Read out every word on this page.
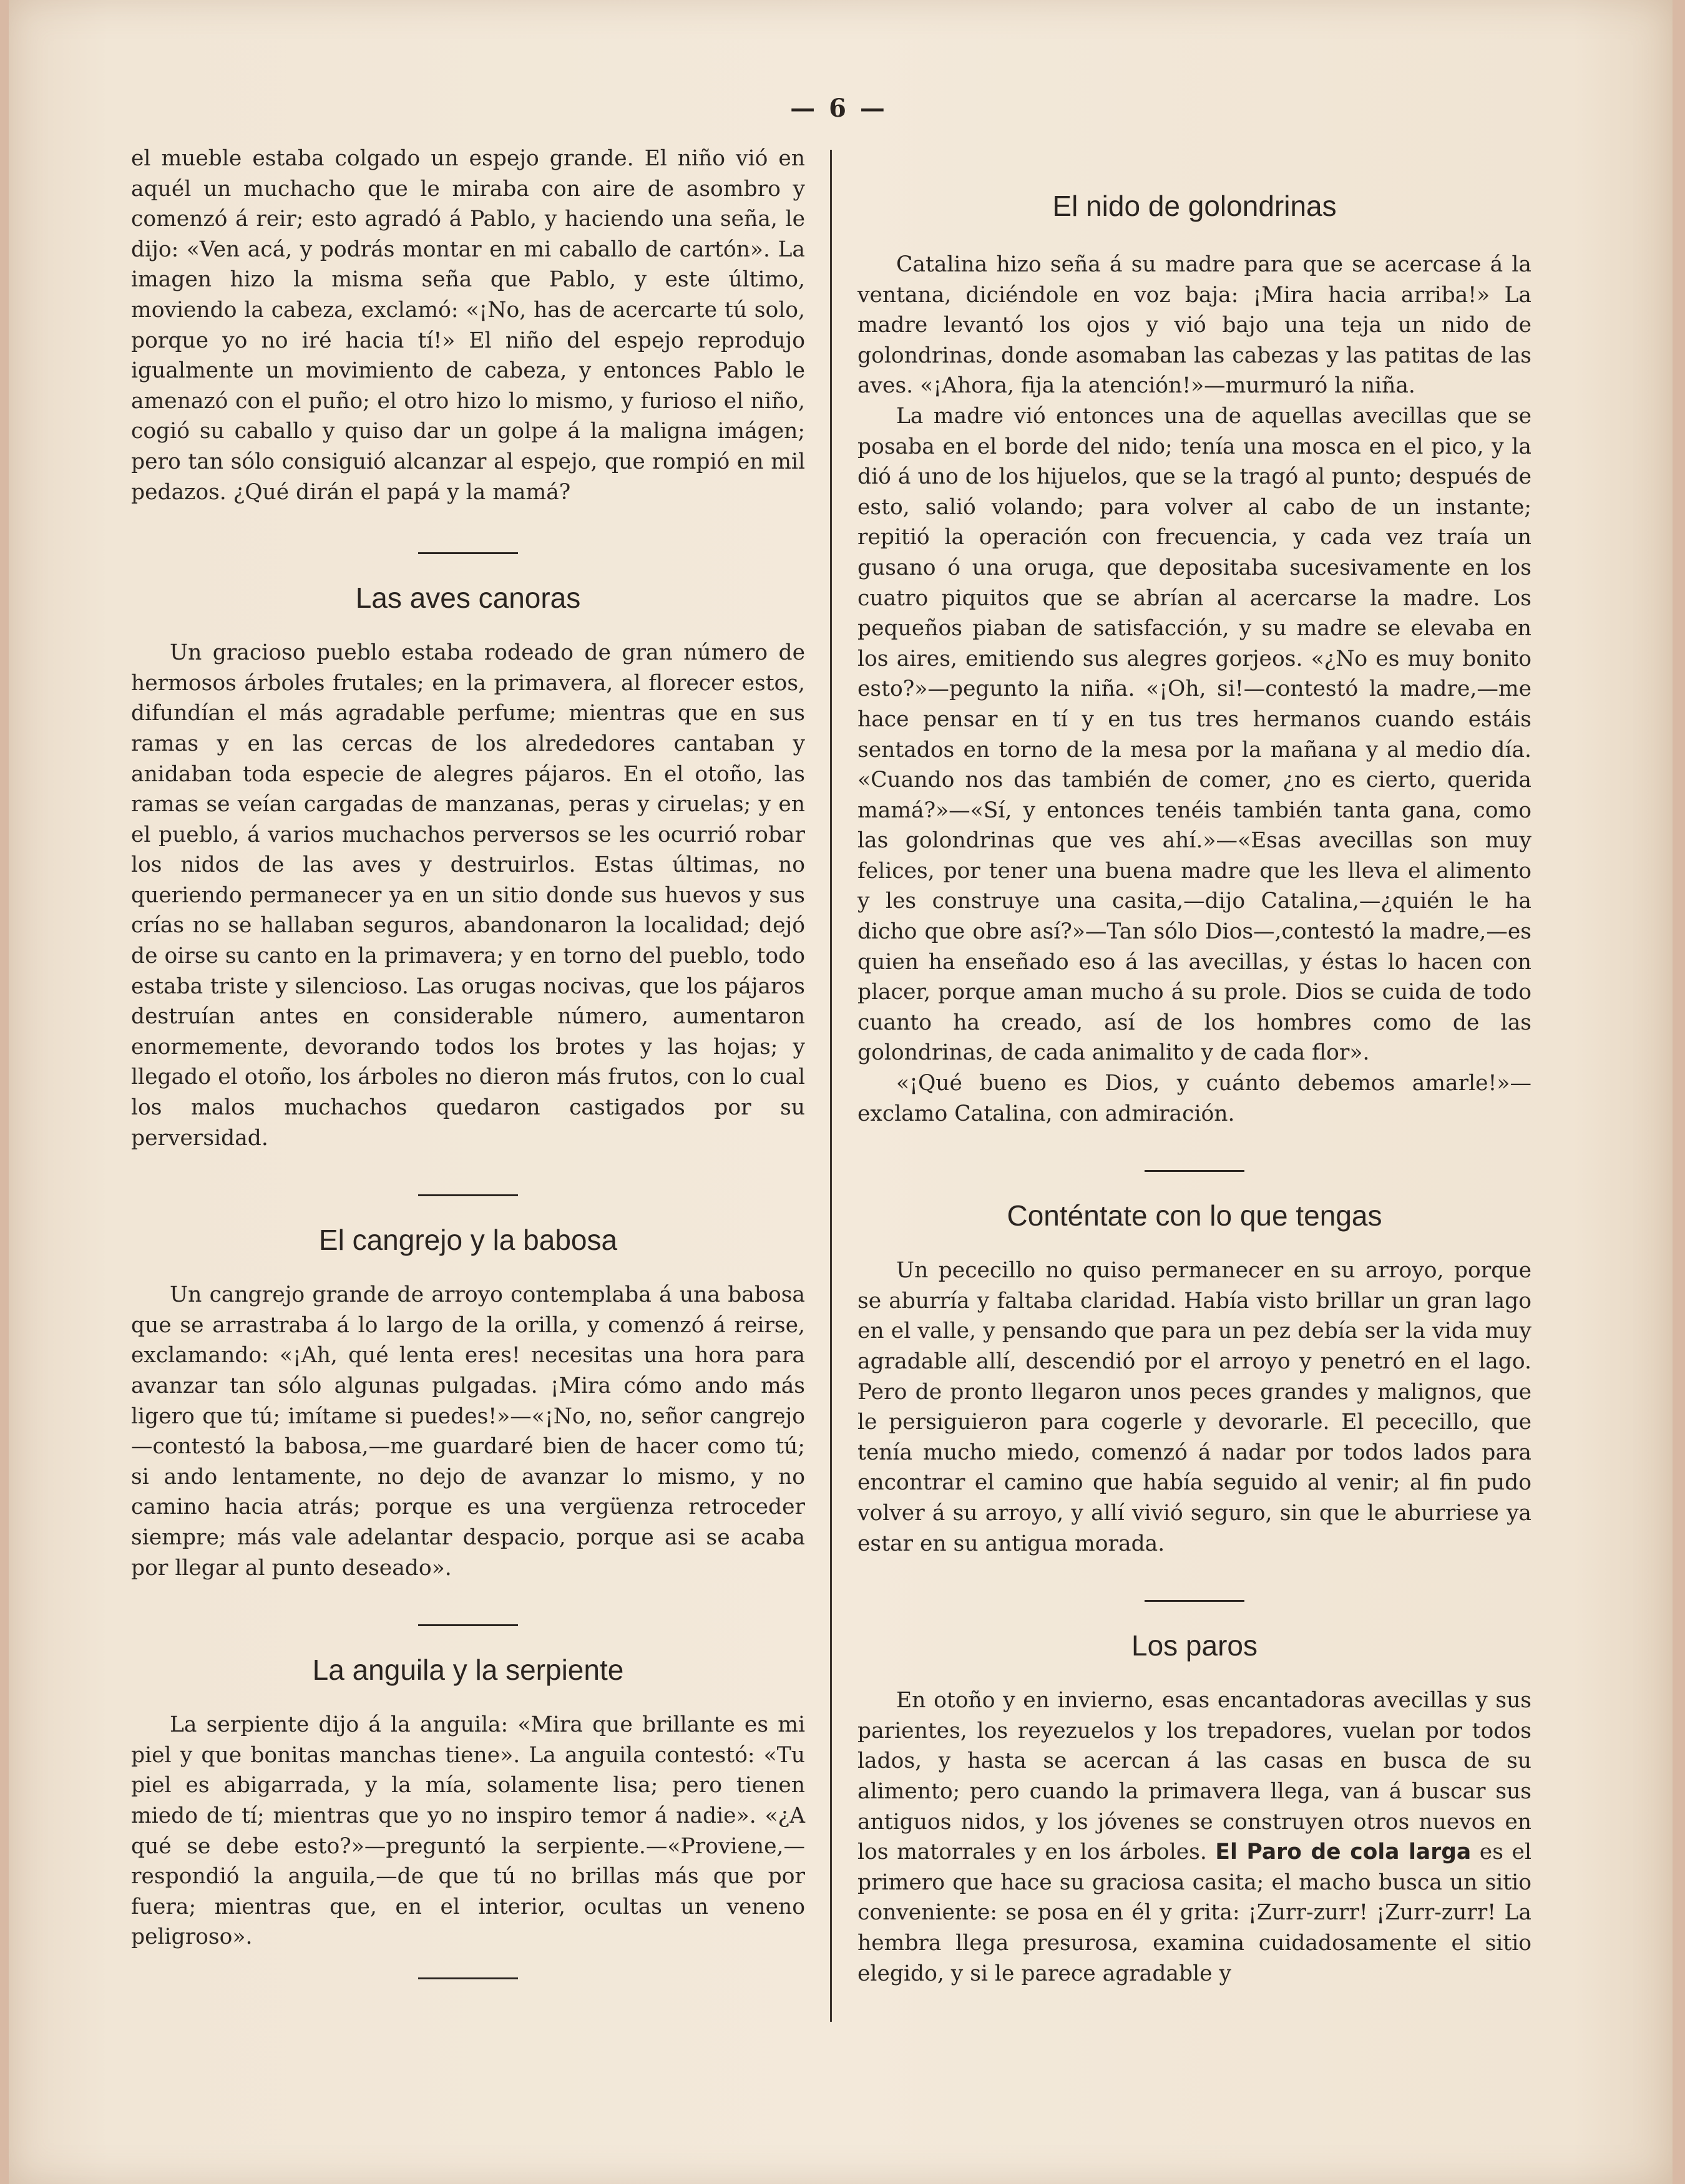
— 6 —

el mueble estaba colgado un espejo grande. El niño vió en aquél un muchacho que le miraba con aire de asombro y comenzó á reir; esto agradó á Pablo, y haciendo una seña, le dijo: «Ven acá, y podrás montar en mi caballo de cartón». La imagen hizo la misma seña que Pablo, y este último, moviendo la cabeza, exclamó: «¡No, has de acercarte tú solo, porque yo no iré hacia tí!» El niño del espejo reprodujo igualmente un movimiento de cabeza, y entonces Pablo le amenazó con el puño; el otro hizo lo mismo, y furioso el niño, cogió su caballo y quiso dar un golpe á la maligna imágen; pero tan sólo consiguió alcanzar al espejo, que rompió en mil pedazos. ¿Qué dirán el papá y la mamá?

Las aves canoras

Un gracioso pueblo estaba rodeado de gran número de hermosos árboles frutales; en la primavera, al florecer estos, difundían el más agradable perfume; mientras que en sus ramas y en las cercas de los alrededores cantaban y anidaban toda especie de alegres pájaros. En el otoño, las ramas se veían cargadas de manzanas, peras y ciruelas; y en el pueblo, á varios muchachos perversos se les ocurrió robar los nidos de las aves y destruirlos. Estas últimas, no queriendo permanecer ya en un sitio donde sus huevos y sus crías no se hallaban seguros, abandonaron la localidad; dejó de oirse su canto en la primavera; y en torno del pueblo, todo estaba triste y silencioso. Las orugas nocivas, que los pájaros destruían antes en considerable número, aumentaron enormemente, devorando todos los brotes y las hojas; y llegado el otoño, los árboles no dieron más frutos, con lo cual los malos muchachos quedaron castigados por su perversidad.

El cangrejo y la babosa

Un cangrejo grande de arroyo contemplaba á una babosa que se arrastraba á lo largo de la orilla, y comenzó á reirse, exclamando: «¡Ah, qué lenta eres! necesitas una hora para avanzar tan sólo algunas pulgadas. ¡Mira cómo ando más ligero que tú; imítame si puedes!»—«¡No, no, señor cangrejo—contestó la babosa,—me guardaré bien de hacer como tú; si ando lentamente, no dejo de avanzar lo mismo, y no camino hacia atrás; porque es una vergüenza retroceder siempre; más vale adelantar despacio, porque asi se acaba por llegar al punto deseado».

La anguila y la serpiente

La serpiente dijo á la anguila: «Mira que brillante es mi piel y que bonitas manchas tiene». La anguila contestó: «Tu piel es abigarrada, y la mía, solamente lisa; pero tienen miedo de tí; mientras que yo no inspiro temor á nadie». «¿A qué se debe esto?»—preguntó la serpiente.—«Proviene,—respondió la anguila,—de que tú no brillas más que por fuera; mientras que, en el interior, ocultas un veneno peligroso».

El nido de golondrinas

Catalina hizo seña á su madre para que se acercase á la ventana, diciéndole en voz baja: ¡Mira hacia arriba!» La madre levantó los ojos y vió bajo una teja un nido de golondrinas, donde asomaban las cabezas y las patitas de las aves. «¡Ahora, fija la atención!»—murmuró la niña.

La madre vió entonces una de aquellas avecillas que se posaba en el borde del nido; tenía una mosca en el pico, y la dió á uno de los hijuelos, que se la tragó al punto; después de esto, salió volando; para volver al cabo de un instante; repitió la operación con frecuencia, y cada vez traía un gusano ó una oruga, que depositaba sucesivamente en los cuatro piquitos que se abrían al acercarse la madre. Los pequeños piaban de satisfacción, y su madre se elevaba en los aires, emitiendo sus alegres gorjeos. «¿No es muy bonito esto?»—pegunto la niña. «¡Oh, si!—contestó la madre,—me hace pensar en tí y en tus tres hermanos cuando estáis sentados en torno de la mesa por la mañana y al medio día. «Cuando nos das también de comer, ¿no es cierto, querida mamá?»—«Sí, y entonces tenéis también tanta gana, como las golondrinas que ves ahí.»—«Esas avecillas son muy felices, por tener una buena madre que les lleva el alimento y les construye una casita,—dijo Catalina,—¿quién le ha dicho que obre así?»—Tan sólo Dios—,contestó la madre,—es quien ha enseñado eso á las avecillas, y éstas lo hacen con placer, porque aman mucho á su prole. Dios se cuida de todo cuanto ha creado, así de los hombres como de las golondrinas, de cada animalito y de cada flor».

«¡Qué bueno es Dios, y cuánto debemos amarle!»—exclamo Catalina, con admiración.

Conténtate con lo que tengas

Un pececillo no quiso permanecer en su arroyo, porque se aburría y faltaba claridad. Había visto brillar un gran lago en el valle, y pensando que para un pez debía ser la vida muy agradable allí, descendió por el arroyo y penetró en el lago. Pero de pronto llegaron unos peces grandes y malignos, que le persiguieron para cogerle y devorarle. El pececillo, que tenía mucho miedo, comenzó á nadar por todos lados para encontrar el camino que había seguido al venir; al fin pudo volver á su arroyo, y allí vivió seguro, sin que le aburriese ya estar en su antigua morada.

Los paros

En otoño y en invierno, esas encantadoras avecillas y sus parientes, los reyezuelos y los trepadores, vuelan por todos lados, y hasta se acercan á las casas en busca de su alimento; pero cuando la primavera llega, van á buscar sus antiguos nidos, y los jóvenes se construyen otros nuevos en los matorrales y en los árboles. El Paro de cola larga es el primero que hace su graciosa casita; el macho busca un sitio conveniente: se posa en él y grita: ¡Zurr-zurr! ¡Zurr-zurr! La hembra llega presurosa, examina cuidadosamente el sitio elegido, y si le parece agradable y
